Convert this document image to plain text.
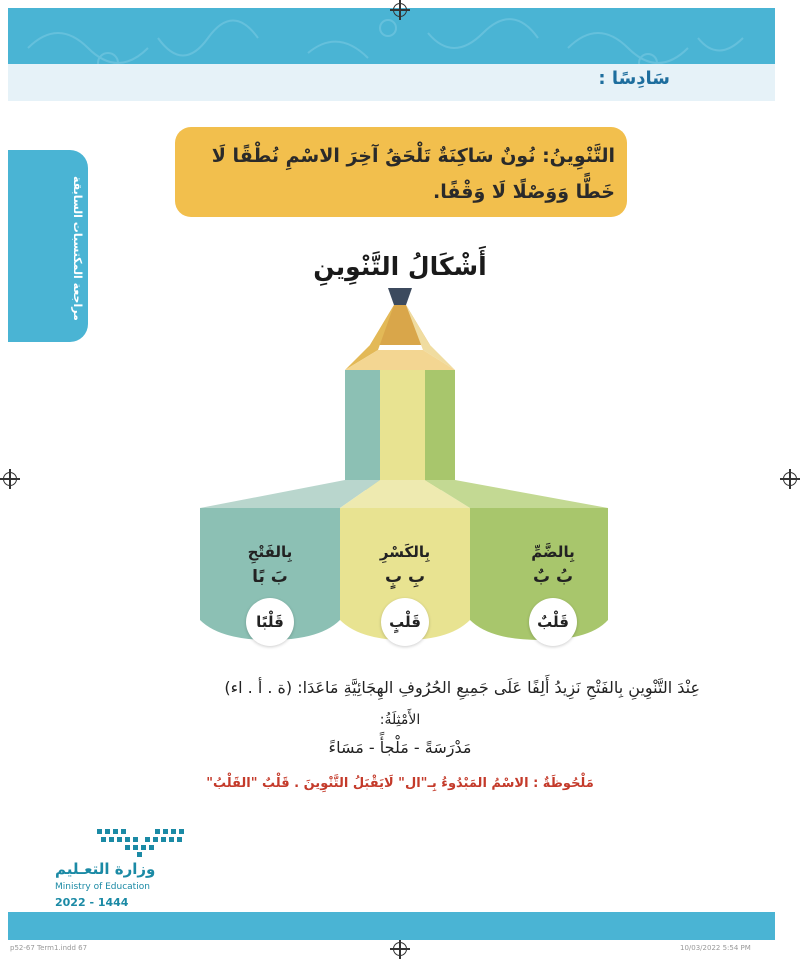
سَادِسًا :
مراجعة المكتسبات السابقة
التَّنْوِينُ: نُونٌ سَاكِنَةٌ تَلْحَقُ آخِرَ الاسْمِ نُطْقًا لَا خَطًّا وَوَصْلًا لَا وَقْفًا.
أَشْكَالُ التَّنْوِينِ
بِالضَّمِّ
بُ بٌ
قَلْبٌ
بِالكَسْرِ
بِ بٍ
قَلْبٍ
بِالفَتْحِ
بَ بًا
قَلْبًا
عِنْدَ التَّنْوِينِ بِالفَتْحِ نَزِيدُ أَلِفًا عَلَى جَمِيعِ الحُرُوفِ الهِجَائِيَّةِ مَاعَدَا: (ة . أ . اء)
الأَمْثِلَةُ:
مَدْرَسَةً - مَلْجأً - مَسَاءً
مَلْحُوظَةٌ : الاسْمُ المَبْدُوءُ بِـ"ال" لَايَقْبَلُ التَّنْوِينَ . قَلْبٌ "القَلْبُ"
وزارة التعـليم
Ministry of Education
2022 - 1444
p52-67 Term1.indd 67	10/03/2022 5:54 PM
